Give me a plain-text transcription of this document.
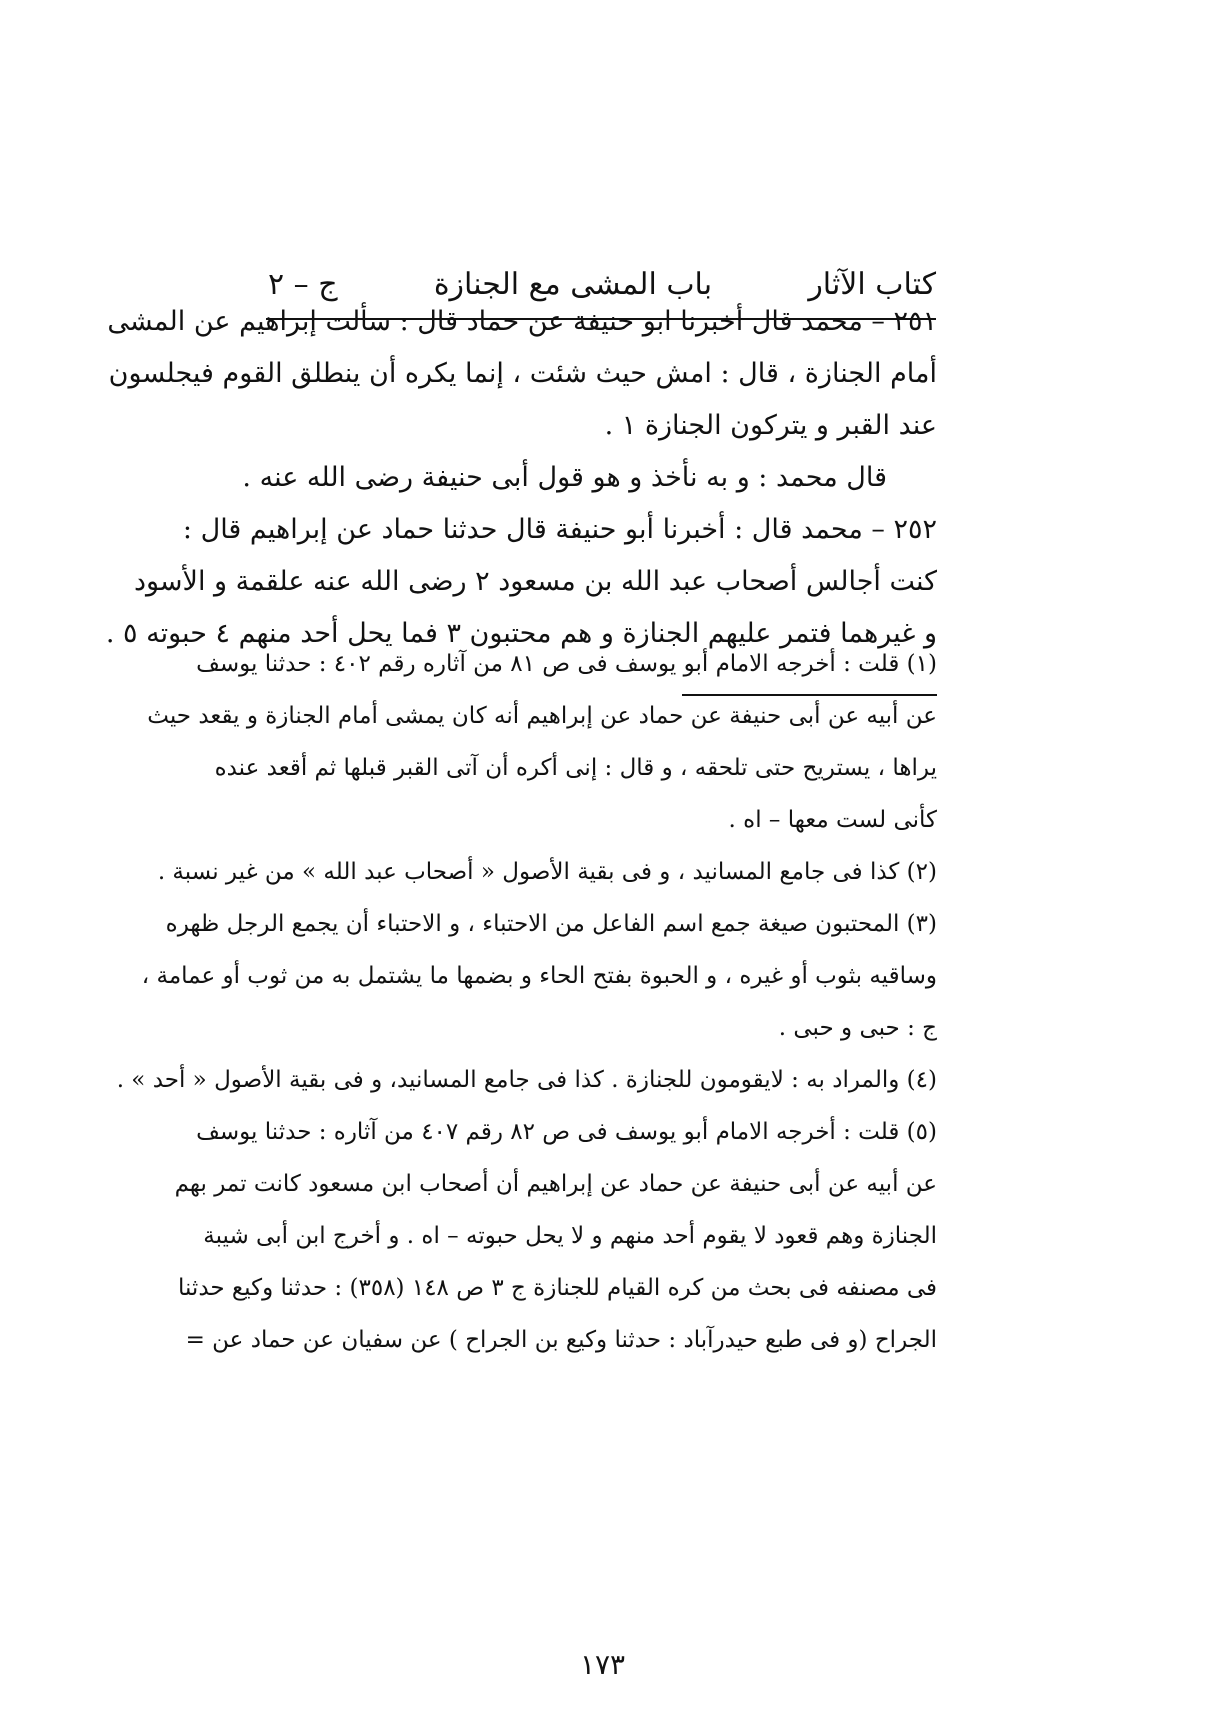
كتاب الآثار
باب المشى مع الجنازة
ج – ٢
٢٥١ – محمد قال أخبرنا ابو حنيفة عن حماد قال : سألت إبراهيم عن المشى
أمام الجنازة ، قال : امش حيث شئت ، إنما يكره أن ينطلق القوم فيجلسون
عند القبر و يتركون الجنازة ١ .
قال محمد : و به نأخذ و هو قول أبى حنيفة رضى الله عنه .
٢٥٢ – محمد قال : أخبرنا أبو حنيفة قال حدثنا حماد عن إبراهيم قال :
كنت أجالس أصحاب عبد الله بن مسعود ٢ رضى الله عنه علقمة و الأسود
و غيرهما فتمر عليهم الجنازة و هم محتبون ٣ فما يحل أحد منهم ٤ حبوته ٥ .
(١) قلت : أخرجه الامام أبو يوسف فى ص ٨١ من آثاره رقم ٤٠٢ : حدثنا يوسف
عن أبيه عن أبى حنيفة عن حماد عن إبراهيم أنه كان يمشى أمام الجنازة و يقعد حيث
يراها ، يستريح حتى تلحقه ، و قال : إنى أكره أن آتى القبر قبلها ثم أقعد عنده
كأنى لست معها – اه .
(٢) كذا فى جامع المسانيد ، و فى بقية الأصول « أصحاب عبد الله » من غير نسبة .
(٣) المحتبون صيغة جمع اسم الفاعل من الاحتباء ، و الاحتباء أن يجمع الرجل ظهره
وساقيه بثوب أو غيره ، و الحبوة بفتح الحاء و بضمها ما يشتمل به من ثوب أو عمامة ،
ج : حبى و حبى .
(٤) والمراد به : لايقومون للجنازة . كذا فى جامع المسانيد، و فى بقية الأصول « أحد » .
(٥) قلت : أخرجه الامام أبو يوسف فى ص ٨٢ رقم ٤٠٧ من آثاره : حدثنا يوسف
عن أبيه عن أبى حنيفة عن حماد عن إبراهيم أن أصحاب ابن مسعود كانت تمر بهم
الجنازة وهم قعود لا يقوم أحد منهم و لا يحل حبوته – اه . و أخرج ابن أبى شيبة
فى مصنفه فى بحث من كره القيام للجنازة ج ٣ ص ١٤٨ (٣٥٨) : حدثنا وكيع حدثنا
الجراح (و فى طبع حيدرآباد : حدثنا وكيع بن الجراح ) عن سفيان عن حماد عن =
١٧٣
